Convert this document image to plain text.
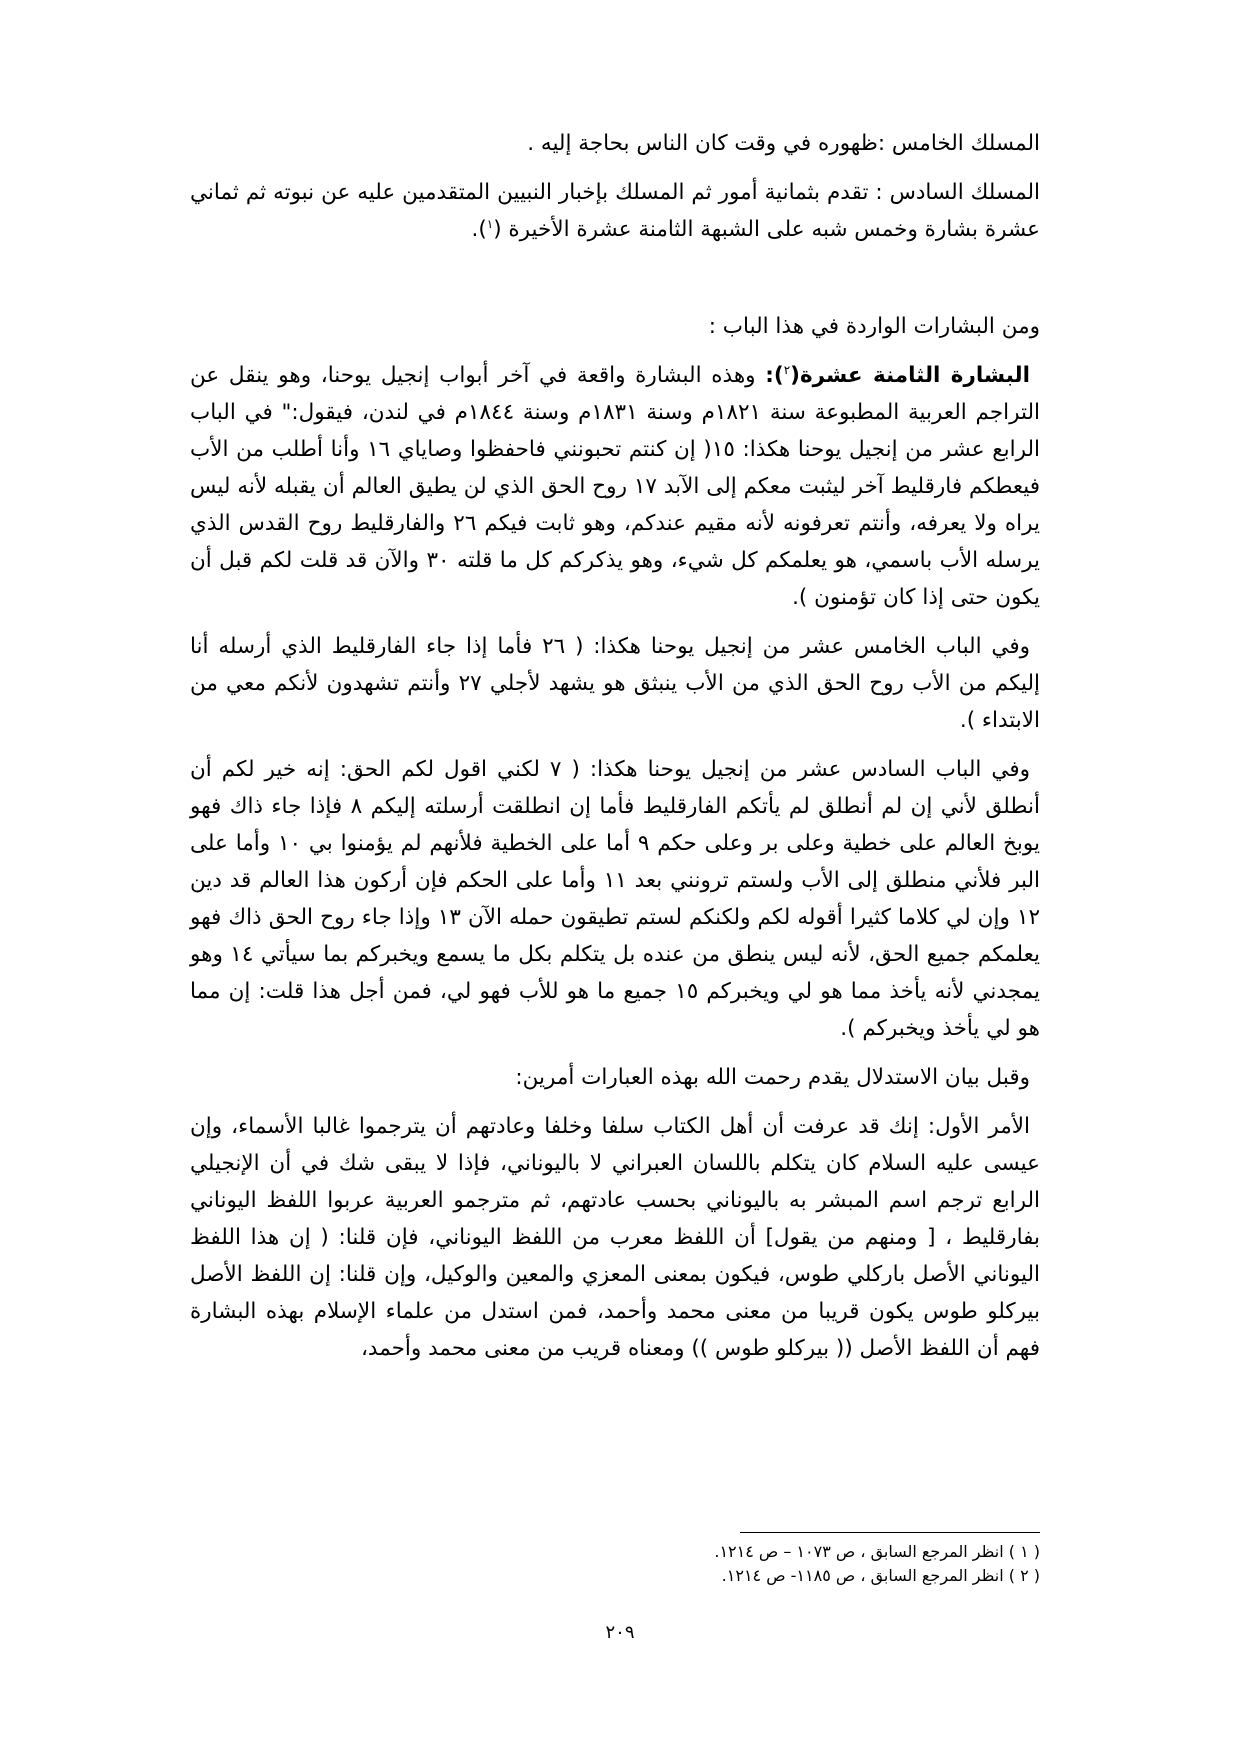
المسلك الخامس :ظهوره في وقت كان الناس بحاجة إليه .

المسلك السادس : تقدم بثمانية أمور ثم المسلك بإخبار النبيين المتقدمين عليه عن نبوته ثم ثماني عشرة بشارة وخمس شبه على الشبهة الثامنة عشرة الأخيرة ($^١$).

ومن البشارات الواردة في هذا الباب :

البشارة الثامنة عشرة($^٢$): وهذه البشارة واقعة في آخر أبواب إنجيل يوحنا، وهو ينقل عن التراجم العربية المطبوعة سنة ١٨٢١م وسنة ١٨٣١م وسنة ١٨٤٤م في لندن، فيقول:" في الباب الرابع عشر من إنجيل يوحنا هكذا: ١٥( إن كنتم تحبونني فاحفظوا وصاياي ١٦ وأنا أطلب من الأب فيعطكم فارقليط آخر ليثبت معكم إلى الآبد ١٧ روح الحق الذي لن يطيق العالم أن يقبله لأنه ليس يراه ولا يعرفه، وأنتم تعرفونه لأنه مقيم عندكم، وهو ثابت فيكم ٢٦ والفارقليط روح القدس الذي يرسله الأب باسمي، هو يعلمكم كل شيء، وهو يذكركم كل ما قلته ٣٠ والآن قد قلت لكم قبل أن يكون حتى إذا كان تؤمنون ).

وفي الباب الخامس عشر من إنجيل يوحنا هكذا: ( ٢٦ فأما إذا جاء الفارقليط الذي أرسله أنا إليكم من الأب روح الحق الذي من الأب ينبثق هو يشهد لأجلي ٢٧ وأنتم تشهدون لأنكم معي من الابتداء ).

وفي الباب السادس عشر من إنجيل يوحنا هكذا: ( ٧ لكني اقول لكم الحق: إنه خير لكم أن أنطلق لأني إن لم أنطلق لم يأتكم الفارقليط فأما إن انطلقت أرسلته إليكم ٨ فإذا جاء ذاك فهو يوبخ العالم على خطية وعلى بر وعلى حكم ٩ أما على الخطية فلأنهم لم يؤمنوا بي ١٠ وأما على البر فلأني منطلق إلى الأب ولستم ترونني بعد ١١ وأما على الحكم فإن أركون هذا العالم قد دين ١٢ وإن لي كلاما كثيرا أقوله لكم ولكنكم لستم تطيقون حمله الآن ١٣ وإذا جاء روح الحق ذاك فهو يعلمكم جميع الحق، لأنه ليس ينطق من عنده بل يتكلم بكل ما يسمع ويخبركم بما سيأتي ١٤ وهو يمجدني لأنه يأخذ مما هو لي ويخبركم ١٥ جميع ما هو للأب فهو لي، فمن أجل هذا قلت: إن مما هو لي يأخذ ويخبركم ).

وقبل بيان الاستدلال يقدم رحمت الله بهذه العبارات أمرين:

الأمر الأول: إنك قد عرفت أن أهل الكتاب سلفا وخلفا وعادتهم أن يترجموا غالبا الأسماء، وإن عيسى عليه السلام كان يتكلم باللسان العبراني لا باليوناني، فإذا لا يبقى شك في أن الإنجيلي الرابع ترجم اسم المبشر به باليوناني بحسب عادتهم، ثم مترجمو العربية عربوا اللفظ اليوناني بفارقليط ، [ ومنهم من يقول] أن اللفظ معرب من اللفظ اليوناني، فإن قلنا: ( إن هذا اللفظ اليوناني الأصل باركلي طوس، فيكون بمعنى المعزي والمعين والوكيل، وإن قلنا: إن اللفظ الأصل بيركلو طوس يكون قريبا من معنى محمد وأحمد، فمن استدل من علماء الإسلام بهذه البشارة فهم أن اللفظ الأصل (( بيركلو طوس )) ومعناه قريب من معنى محمد وأحمد،

( ١ ) انظر المرجع السابق ، ص ١٠٧٣ – ص ١٢١٤.
( ٢ ) انظر المرجع السابق ، ص ١١٨٥- ص ١٢١٤.
٢٠٩
